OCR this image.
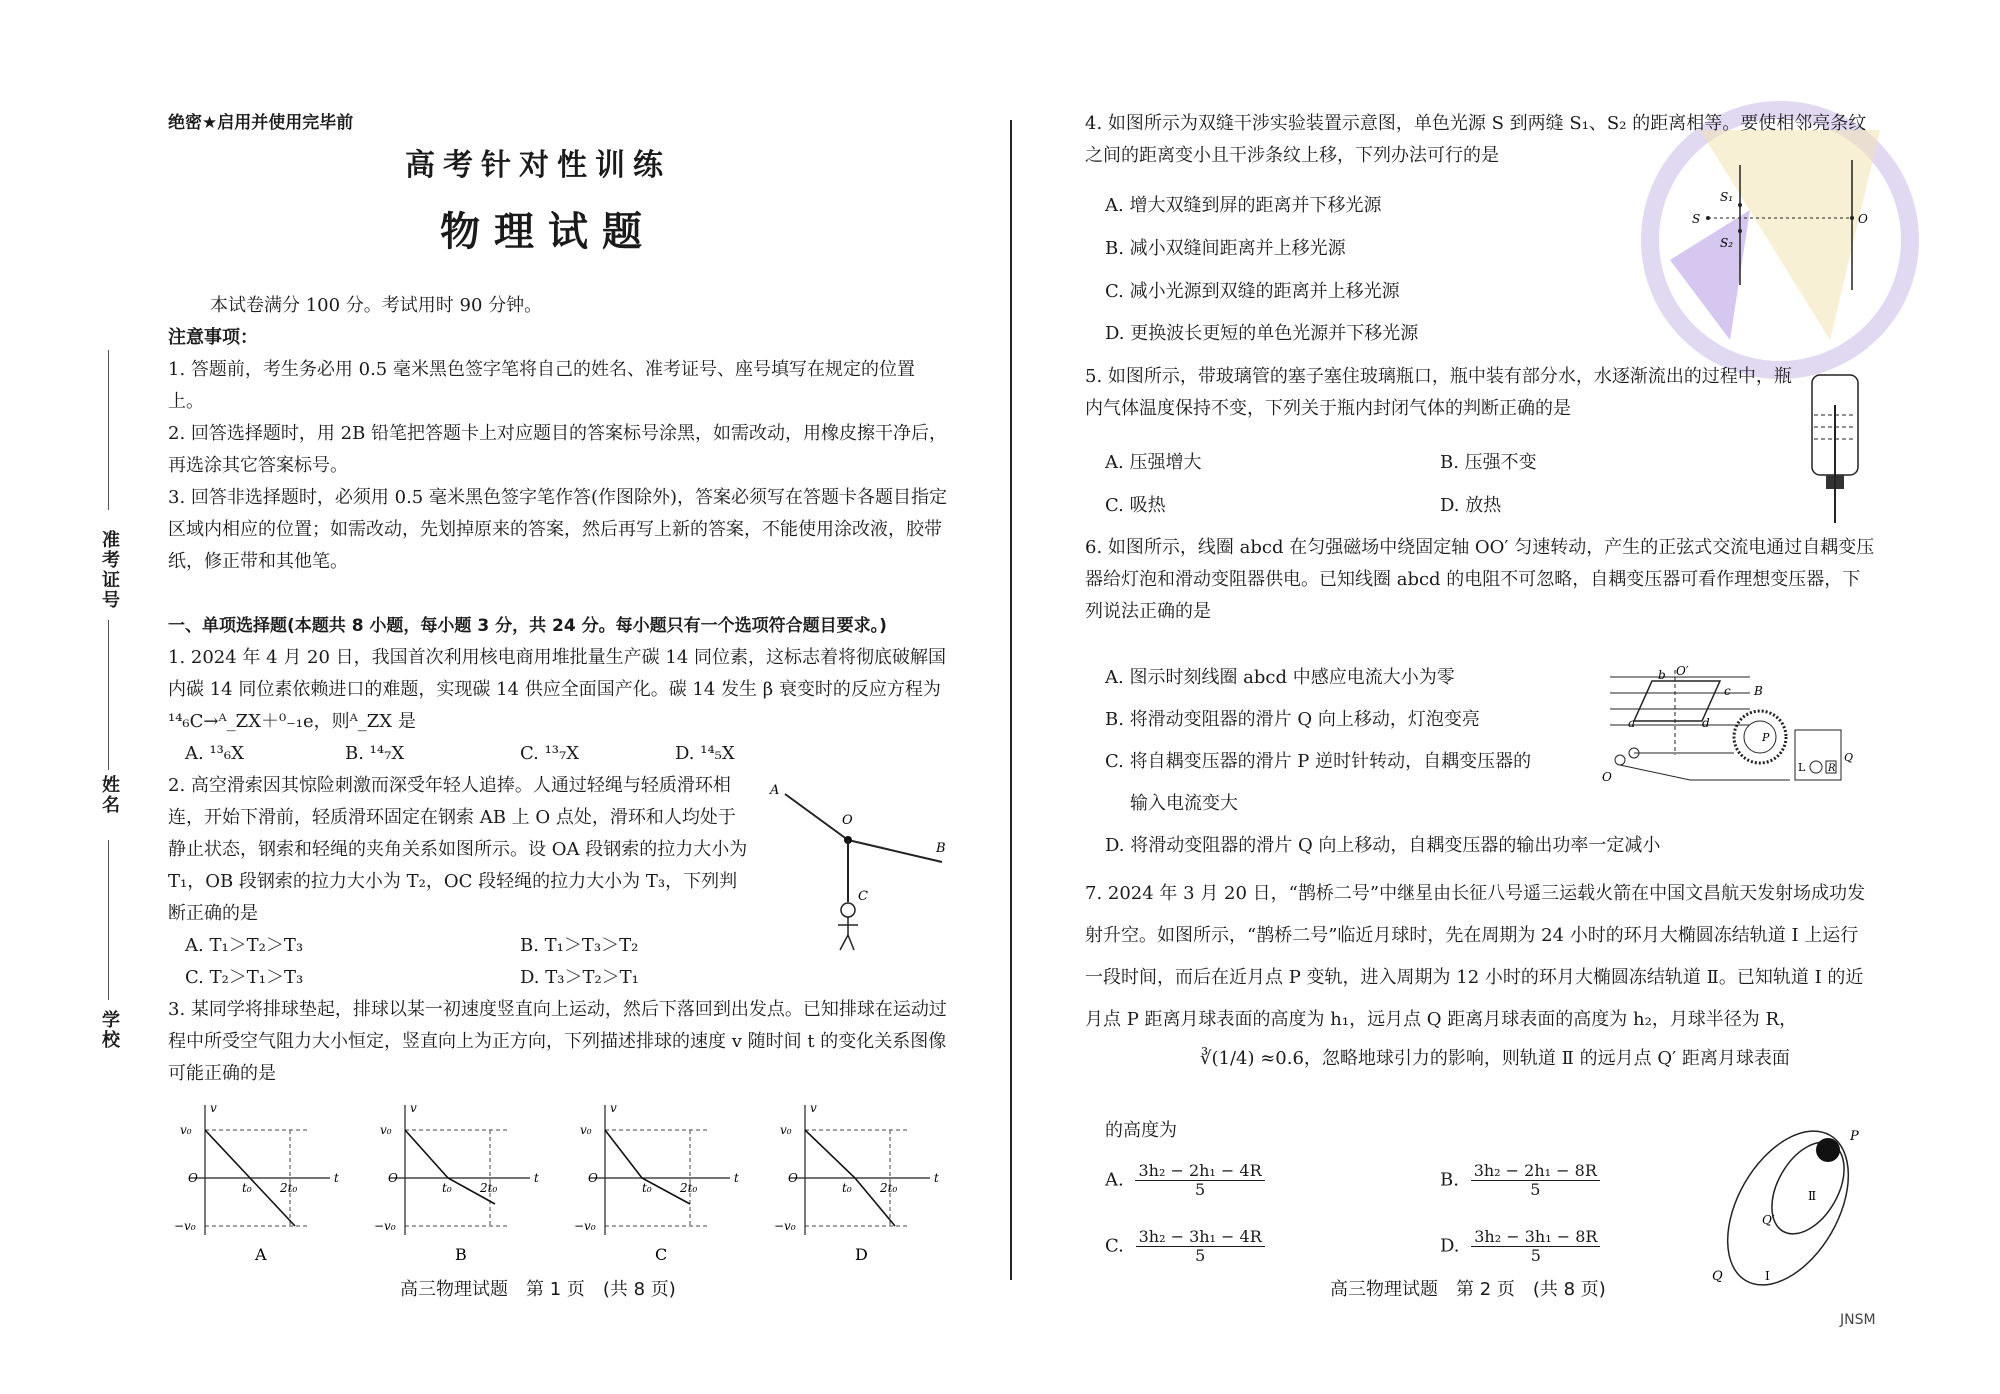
准考证号
姓名
学校
绝密★启用并使用完毕前
高考针对性训练
物理试题
本试卷满分 100 分。考试用时 90 分钟。
注意事项：
1. 答题前，考生务必用 0.5 毫米黑色签字笔将自己的姓名、准考证号、座号填写在规定的位置上。
2. 回答选择题时，用 2B 铅笔把答题卡上对应题目的答案标号涂黑，如需改动，用橡皮擦干净后，再选涂其它答案标号。
3. 回答非选择题时，必须用 0.5 毫米黑色签字笔作答(作图除外)，答案必须写在答题卡各题目指定区域内相应的位置；如需改动，先划掉原来的答案，然后再写上新的答案，不能使用涂改液，胶带纸，修正带和其他笔。
一、单项选择题(本题共 8 小题，每小题 3 分，共 24 分。每小题只有一个选项符合题目要求。)
1. 2024 年 4 月 20 日，我国首次利用核电商用堆批量生产碳 14 同位素，这标志着将彻底破解国内碳 14 同位素依赖进口的难题，实现碳 14 供应全面国产化。碳 14 发生 β 衰变时的反应方程为 ¹⁴₆C→ᴬ_ZX＋⁰₋₁e，则ᴬ_ZX 是
A. ¹³₆X	B. ¹⁴₇X	C. ¹³₇X	D. ¹⁴₅X
2. 高空滑索因其惊险刺激而深受年轻人追捧。人通过轻绳与轻质滑环相连，开始下滑前，轻质滑环固定在钢索 AB 上 O 点处，滑环和人均处于静止状态，钢索和轻绳的夹角关系如图所示。设 OA 段钢索的拉力大小为 T₁，OB 段钢索的拉力大小为 T₂，OC 段轻绳的拉力大小为 T₃，下列判断正确的是
A. T₁＞T₂＞T₃	B. T₁＞T₃＞T₂
C. T₂＞T₁＞T₃	D. T₃＞T₂＞T₁
A
O
B
C
3. 某同学将排球垫起，排球以某一初速度竖直向上运动，然后下落回到出发点。已知排球在运动过程中所受空气阻力大小恒定，竖直向上为正方向，下列描述排球的速度 v 随时间 t 的变化关系图像可能正确的是
v
t
v₀
−v₀
O
t₀ 2t₀
A
v
t
v₀
−v₀
O
t₀ 2t₀
B
v
t
v₀
−v₀
O
t₀ 2t₀
C
v
t
v₀
−v₀
O
t₀ 2t₀
D
高三物理试题　第 1 页　(共 8 页)
4. 如图所示为双缝干涉实验装置示意图，单色光源 S 到两缝 S₁、S₂ 的距离相等。要使相邻亮条纹之间的距离变小且干涉条纹上移，下列办法可行的是
A. 增大双缝到屏的距离并下移光源
B. 减小双缝间距离并上移光源
C. 减小光源到双缝的距离并上移光源
D. 更换波长更短的单色光源并下移光源
S₁
S
S₂
O
5. 如图所示，带玻璃管的塞子塞住玻璃瓶口，瓶中装有部分水，水逐渐流出的过程中，瓶内气体温度保持不变，下列关于瓶内封闭气体的判断正确的是
A. 压强增大	B. 压强不变
C. 吸热	D. 放热
6. 如图所示，线圈 abcd 在匀强磁场中绕固定轴 OO′ 匀速转动，产生的正弦式交流电通过自耦变压器给灯泡和滑动变阻器供电。已知线圈 abcd 的电阻不可忽略，自耦变压器可看作理想变压器，下列说法正确的是
A. 图示时刻线圈 abcd 中感应电流大小为零
B. 将滑动变阻器的滑片 Q 向上移动，灯泡变亮
C. 将自耦变压器的滑片 P 逆时针转动，自耦变压器的
输入电流变大
D. 将滑动变阻器的滑片 Q 向上移动，自耦变压器的输出功率一定减小
O′
b
c B
a	d
O
P
L R
Q
7. 2024 年 3 月 20 日，“鹊桥二号”中继星由长征八号遥三运载火箭在中国文昌航天发射场成功发射升空。如图所示，“鹊桥二号”临近月球时，先在周期为 24 小时的环月大椭圆冻结轨道 Ⅰ 上运行一段时间，而后在近月点 P 变轨，进入周期为 12 小时的环月大椭圆冻结轨道 Ⅱ。已知轨道 Ⅰ 的近月点 P 距离月球表面的高度为 h₁，远月点 Q 距离月球表面的高度为 h₂，月球半径为 R，
∛(1/4) ≈0.6，忽略地球引力的影响，则轨道 Ⅱ 的远月点 Q′ 距离月球表面
的高度为
A. $\frac{\text{3h₂ − 2h₁ − 4R}}{5}$	B. $\frac{\text{3h₂ − 2h₁ − 8R}}{5}$
C. $\frac{\text{3h₂ − 3h₁ − 4R}}{5}$	D. $\frac{\text{3h₂ − 3h₁ − 8R}}{5}$
P
Ⅱ
Q′
Q	Ⅰ
高三物理试题　第 2 页　(共 8 页)
JNSM
